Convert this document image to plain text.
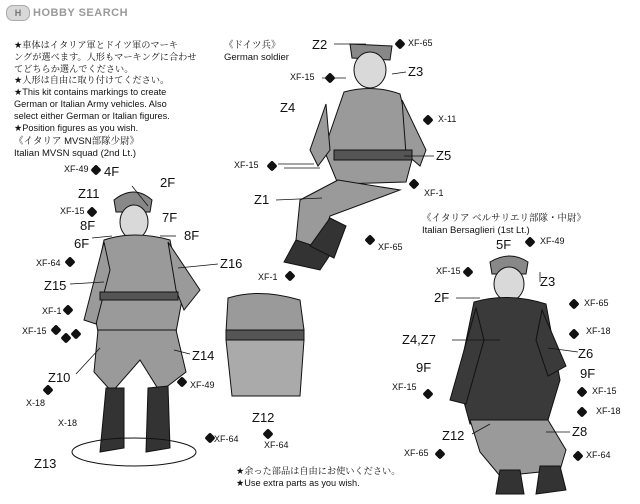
H	HOBBY SEARCH
★車体はイタリア軍とドイツ軍のマーキ
ングが選べます。人形もマーキングに合わせ
てどちらか選んでください。
★人形は自由に取り付けてください。
★This kit contains markings to create
German or Italian Army vehicles. Also
select either German or Italian figures.
★Position figures as you wish.
《ドイツ兵》
German soldier
《イタリア MVSN部隊少尉》
Italian MVSN squad (2nd Lt.)
《イタリア ベルサリエリ部隊・中尉》
Italian Bersaglieri (1st Lt.)
Z2
Z3
Z4
Z5
Z1
XF-65
XF-15
X-11
XF-15
XF-1
XF-65
XF-1
4F
2F
Z11
7F
8F
8F
6F
Z16
Z15
Z14
Z10
Z13
Z12
XF-49
XF-15
XF-64
XF-1
XF-15
X-18
X-18
XF-49
XF-64
XF-64
5F
Z3
2F
Z4,Z7
Z6
9F	9F
Z12	Z8
XF-49
XF-15
XF-65
XF-18
XF-15
XF-15
XF-18
XF-65	XF-64
★余った部品は自由にお使いください。
★Use extra parts as you wish.
